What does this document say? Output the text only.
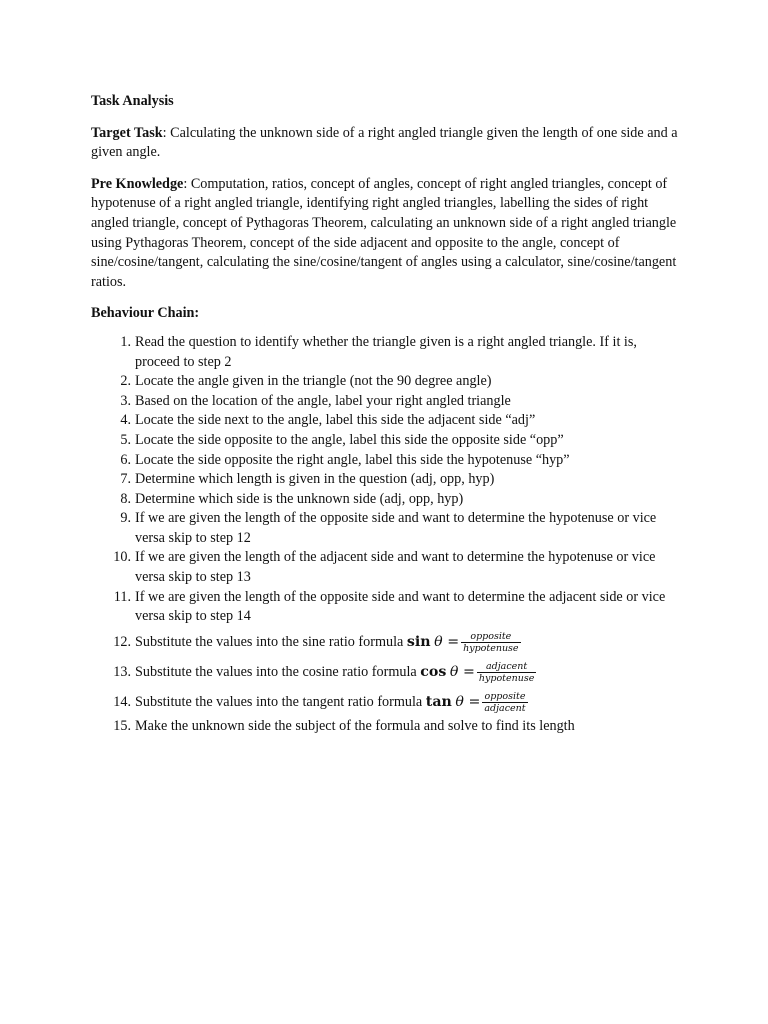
Task Analysis

Target Task: Calculating the unknown side of a right angled triangle given the length of one side and a given angle.

Pre Knowledge: Computation, ratios, concept of angles, concept of right angled triangles, concept of hypotenuse of a right angled triangle, identifying right angled triangles, labelling the sides of right angled triangle, concept of Pythagoras Theorem, calculating an unknown side of a right angled triangle using Pythagoras Theorem, concept of the side adjacent and opposite to the angle, concept of sine/cosine/tangent, calculating the sine/cosine/tangent of angles using a calculator, sine/cosine/tangent ratios.

Behaviour Chain:

1. Read the question to identify whether the triangle given is a right angled triangle. If it is, proceed to step 2
2. Locate the angle given in the triangle (not the 90 degree angle)
3. Based on the location of the angle, label your right angled triangle
4. Locate the side next to the angle, label this side the adjacent side “adj”
5. Locate the side opposite to the angle, label this side the opposite side “opp”
6. Locate the side opposite the right angle, label this side the hypotenuse “hyp”
7. Determine which length is given in the question (adj, opp, hyp)
8. Determine which side is the unknown side (adj, opp, hyp)
9. If we are given the length of the opposite side and want to determine the hypotenuse or vice versa skip to step 12
10. If we are given the length of the adjacent side and want to determine the hypotenuse or vice versa skip to step 13
11. If we are given the length of the opposite side and want to determine the adjacent side or vice versa skip to step 14
12. Substitute the values into the sine ratio formula $\sin \theta = \frac{\text{opposite}}{\text{hypotenuse}}$
13. Substitute the values into the cosine ratio formula $\cos \theta = \frac{\text{adjacent}}{\text{hypotenuse}}$
14. Substitute the values into the tangent ratio formula $\tan \theta = \frac{\text{opposite}}{\text{adjacent}}$
15. Make the unknown side the subject of the formula and solve to find its length
